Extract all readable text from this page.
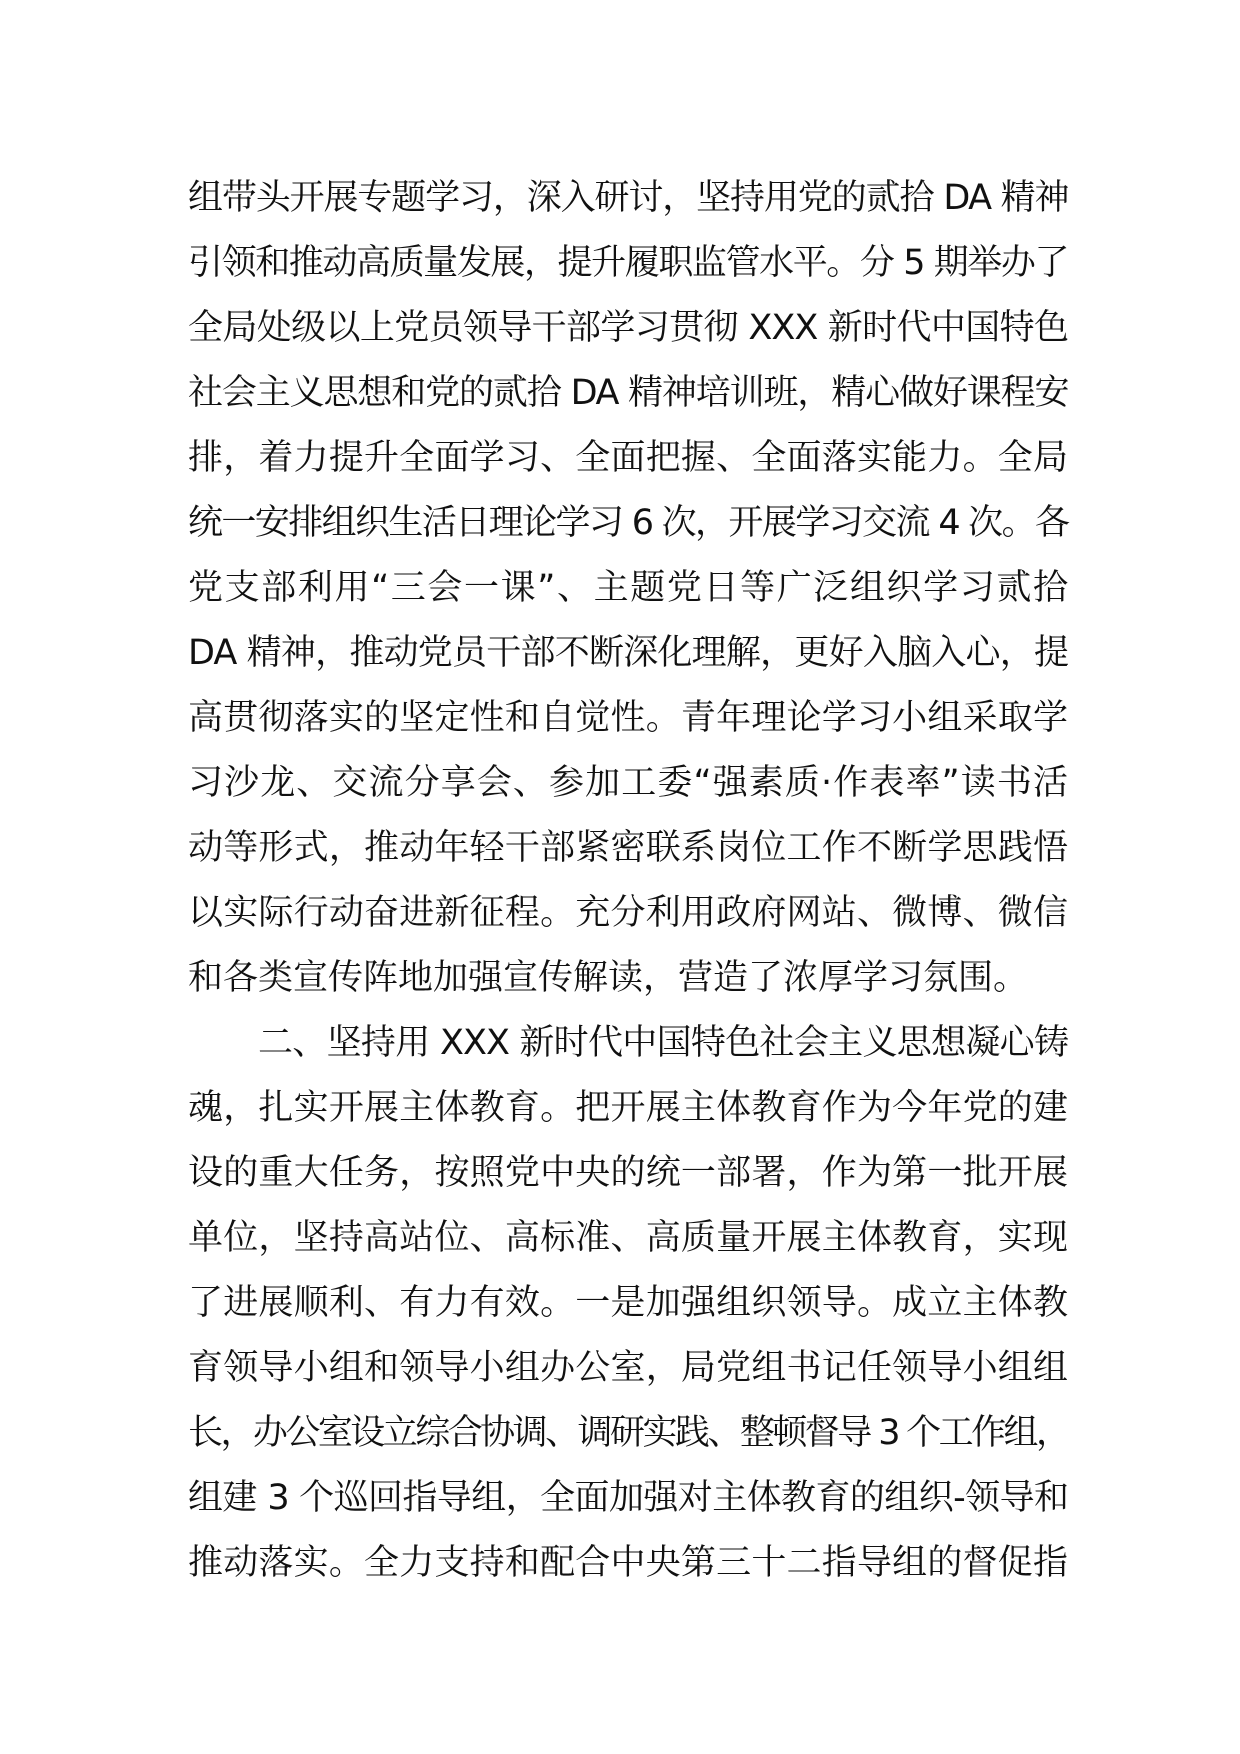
组带头开展专题学习，深入研讨，坚持用党的贰拾 DA 精神
引领和推动高质量发展，提升履职监管水平。分 5 期举办了
全局处级以上党员领导干部学习贯彻 XXX 新时代中国特色
社会主义思想和党的贰拾 DA 精神培训班，精心做好课程安
排，着力提升全面学习、全面把握、全面落实能力。全局
统一安排组织生活日理论学习 6 次，开展学习交流 4 次。各
党支部利用“三会一课”、主题党日等广泛组织学习贰拾
DA 精神，推动党员干部不断深化理解，更好入脑入心，提
高贯彻落实的坚定性和自觉性。青年理论学习小组采取学
习沙龙、交流分享会、参加工委“强素质·作表率”读书活
动等形式，推动年轻干部紧密联系岗位工作不断学思践悟
以实际行动奋进新征程。充分利用政府网站、微博、微信
和各类宣传阵地加强宣传解读，营造了浓厚学习氛围。
二、坚持用 XXX 新时代中国特色社会主义思想凝心铸
魂，扎实开展主体教育。把开展主体教育作为今年党的建
设的重大任务，按照党中央的统一部署，作为第一批开展
单位，坚持高站位、高标准、高质量开展主体教育，实现
了进展顺利、有力有效。一是加强组织领导。成立主体教
育领导小组和领导小组办公室，局党组书记任领导小组组
长，办公室设立综合协调、调研实践、整顿督导 3 个工作组，
组建 3 个巡回指导组，全面加强对主体教育的组织-领导和
推动落实。全力支持和配合中央第三十二指导组的督促指
